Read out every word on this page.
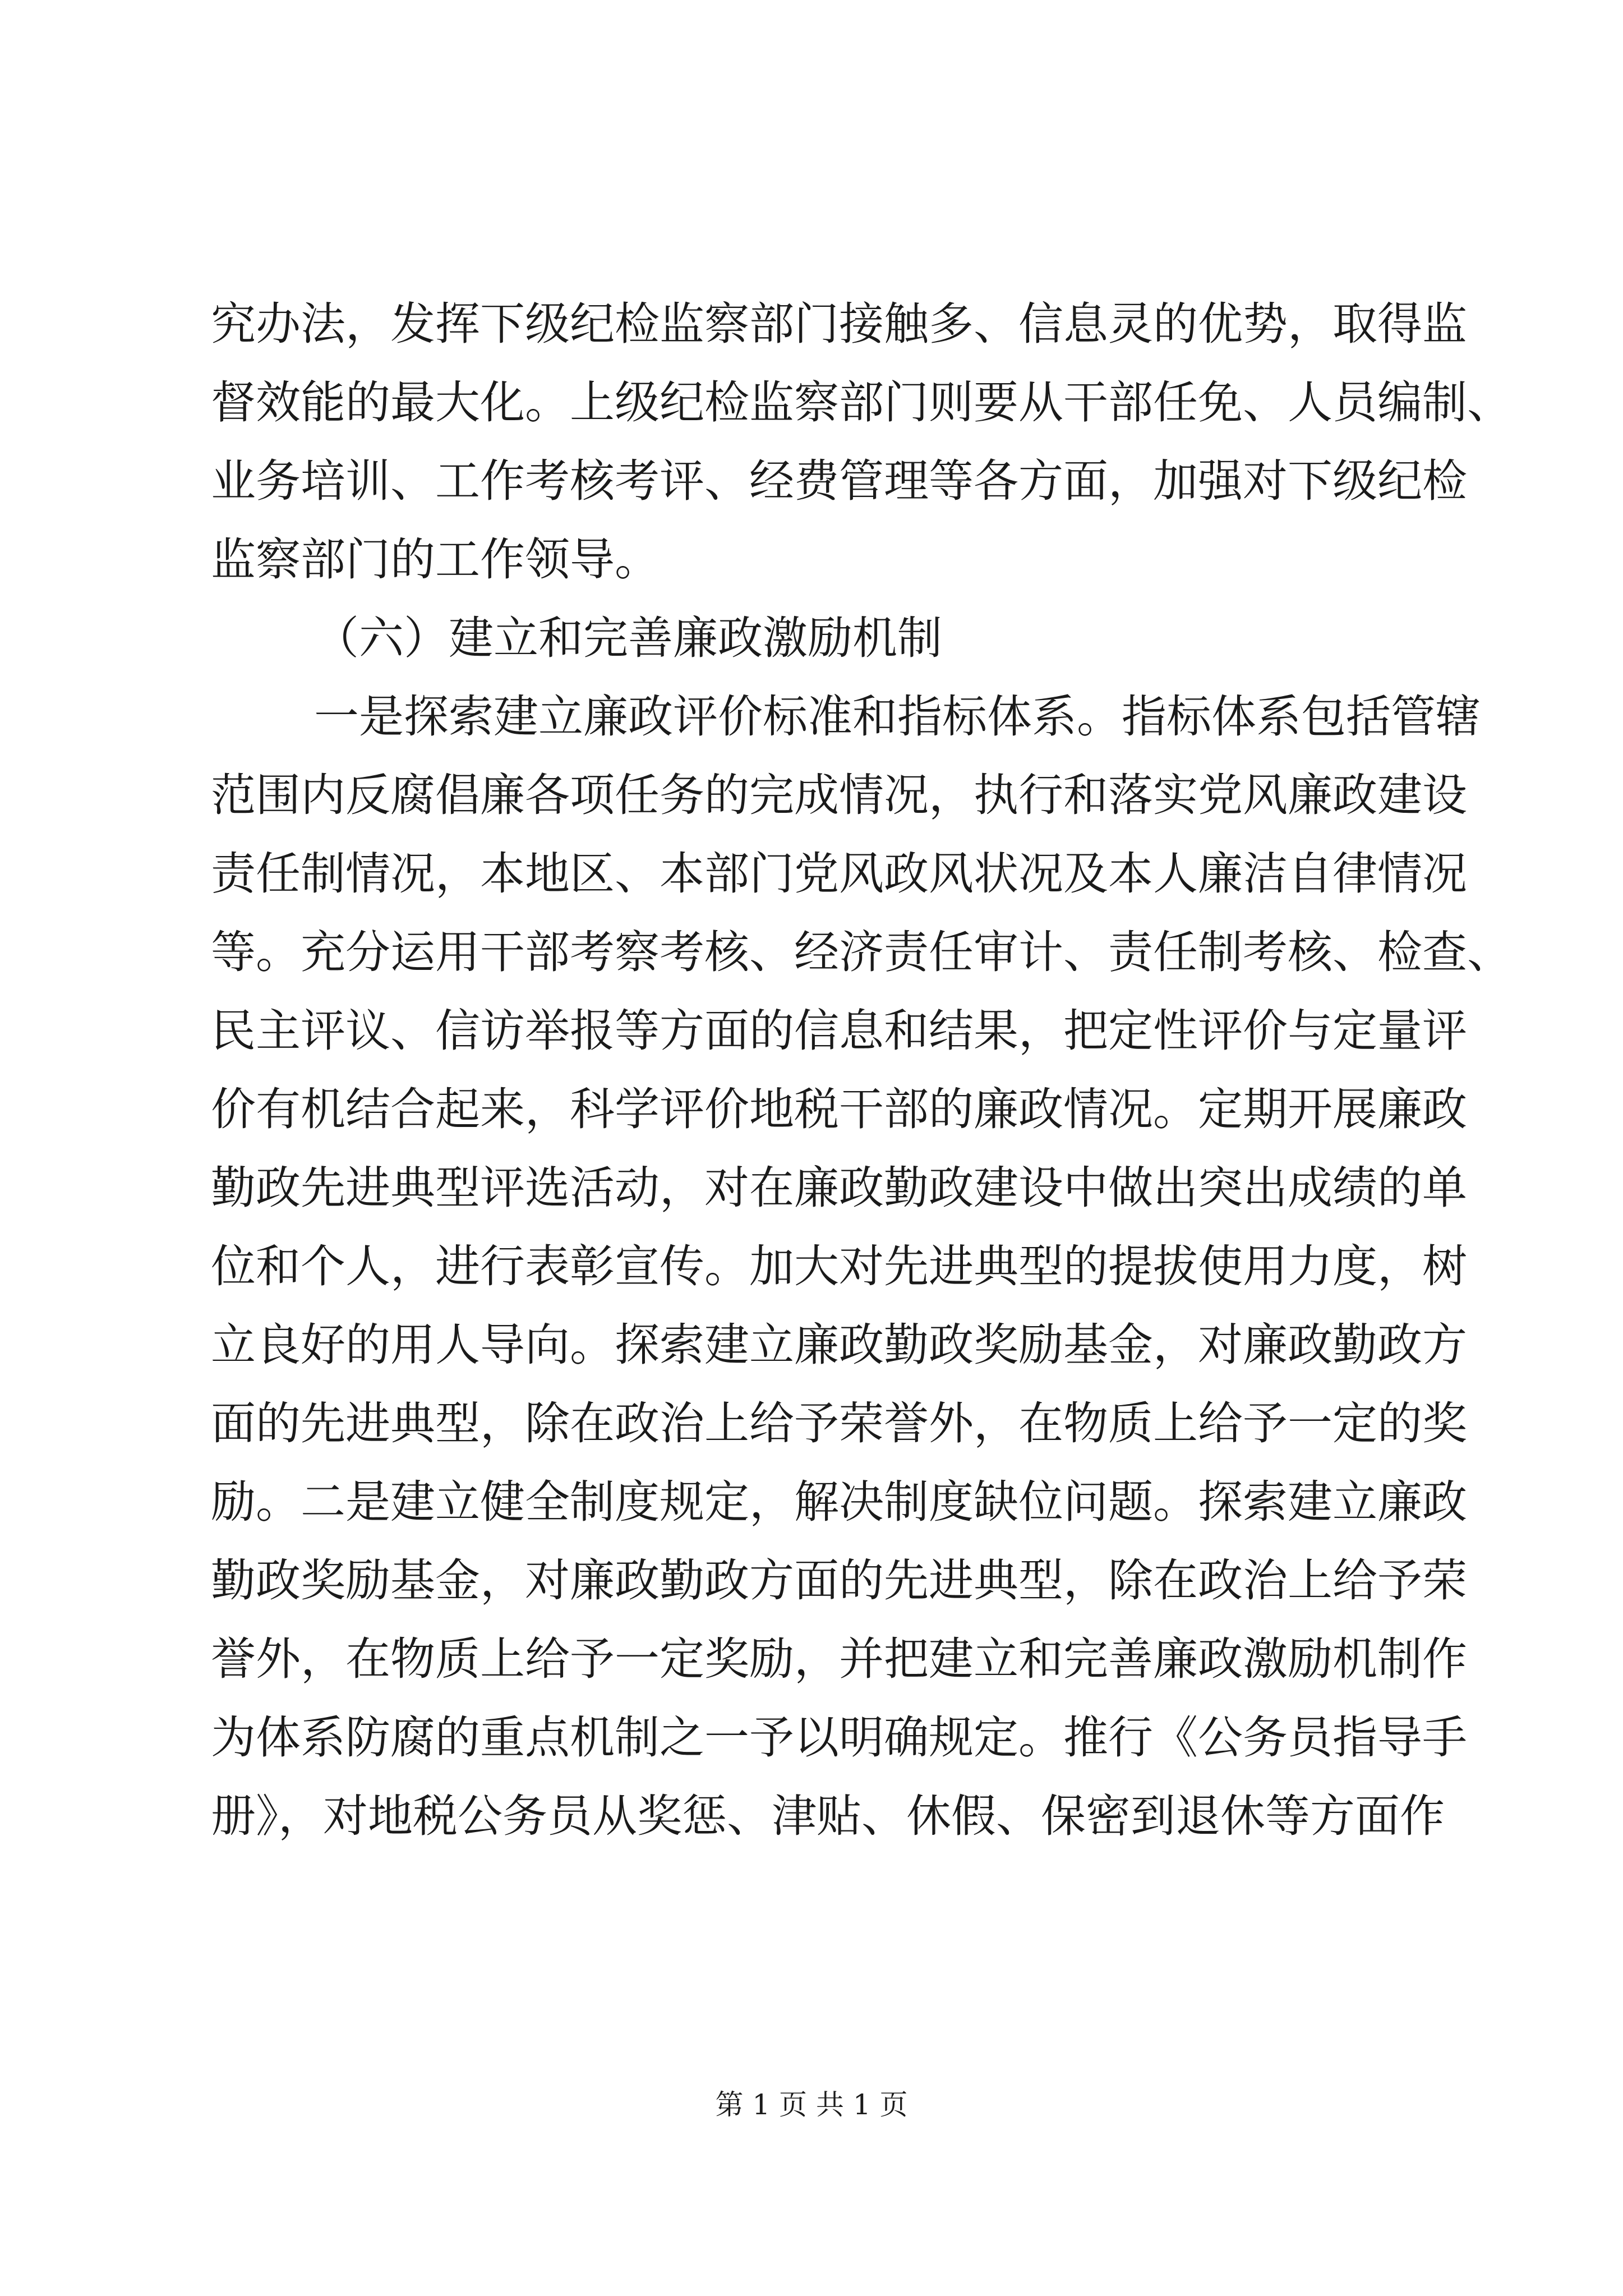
究办法，发挥下级纪检监察部门接触多、信息灵的优势，取得监
督效能的最大化。上级纪检监察部门则要从干部任免、人员编制、
业务培训、工作考核考评、经费管理等各方面，加强对下级纪检
监察部门的工作领导。
（六）建立和完善廉政激励机制
一是探索建立廉政评价标准和指标体系。指标体系包括管辖
范围内反腐倡廉各项任务的完成情况，执行和落实党风廉政建设
责任制情况，本地区、本部门党风政风状况及本人廉洁自律情况
等。充分运用干部考察考核、经济责任审计、责任制考核、检查、
民主评议、信访举报等方面的信息和结果，把定性评价与定量评
价有机结合起来，科学评价地税干部的廉政情况。定期开展廉政
勤政先进典型评选活动，对在廉政勤政建设中做出突出成绩的单
位和个人，进行表彰宣传。加大对先进典型的提拔使用力度，树
立良好的用人导向。探索建立廉政勤政奖励基金，对廉政勤政方
面的先进典型，除在政治上给予荣誉外，在物质上给予一定的奖
励。二是建立健全制度规定，解决制度缺位问题。探索建立廉政
勤政奖励基金，对廉政勤政方面的先进典型，除在政治上给予荣
誉外，在物质上给予一定奖励，并把建立和完善廉政激励机制作
为体系防腐的重点机制之一予以明确规定。推行《公务员指导手
册》，对地税公务员从奖惩、津贴、休假、保密到退休等方面作
第 1 页 共 1 页
